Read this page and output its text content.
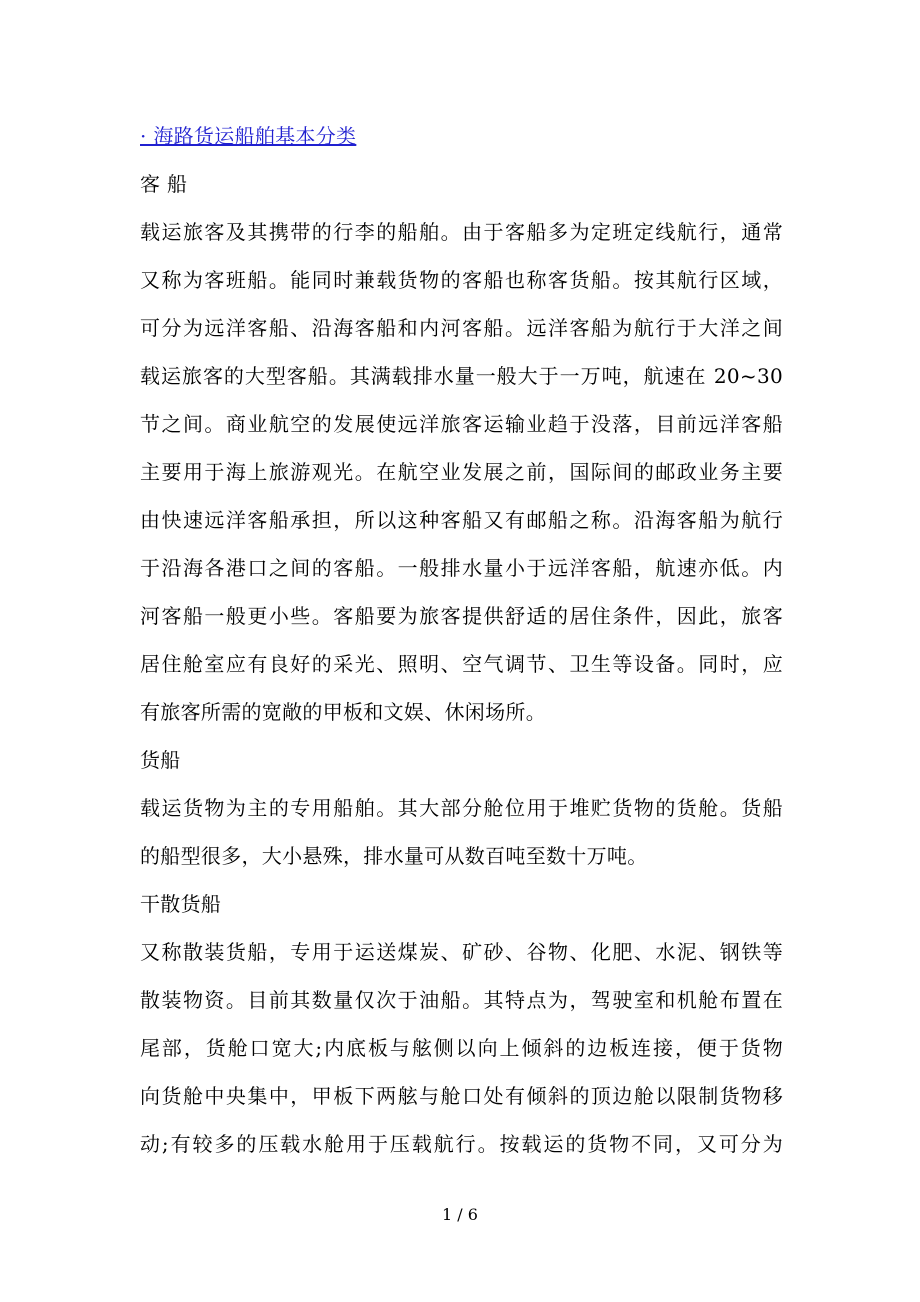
· 海路货运船舶基本分类
客 船
载运旅客及其携带的行李的船舶。由于客船多为定班定线航行，通常
又称为客班船。能同时兼载货物的客船也称客货船。按其航行区域，
可分为远洋客船、沿海客船和内河客船。远洋客船为航行于大洋之间
载运旅客的大型客船。其满载排水量一般大于一万吨，航速在 20~30
节之间。商业航空的发展使远洋旅客运输业趋于没落，目前远洋客船
主要用于海上旅游观光。在航空业发展之前，国际间的邮政业务主要
由快速远洋客船承担，所以这种客船又有邮船之称。沿海客船为航行
于沿海各港口之间的客船。一般排水量小于远洋客船，航速亦低。内
河客船一般更小些。客船要为旅客提供舒适的居住条件，因此，旅客
居住舱室应有良好的采光、照明、空气调节、卫生等设备。同时，应
有旅客所需的宽敞的甲板和文娱、休闲场所。
货船
载运货物为主的专用船舶。其大部分舱位用于堆贮货物的货舱。货船
的船型很多，大小悬殊，排水量可从数百吨至数十万吨。
干散货船
又称散装货船，专用于运送煤炭、矿砂、谷物、化肥、水泥、钢铁等
散装物资。目前其数量仅次于油船。其特点为，驾驶室和机舱布置在
尾部，货舱口宽大;内底板与舷侧以向上倾斜的边板连接，便于货物
向货舱中央集中，甲板下两舷与舱口处有倾斜的顶边舱以限制货物移
动;有较多的压载水舱用于压载航行。按载运的货物不同，又可分为
1 / 6
